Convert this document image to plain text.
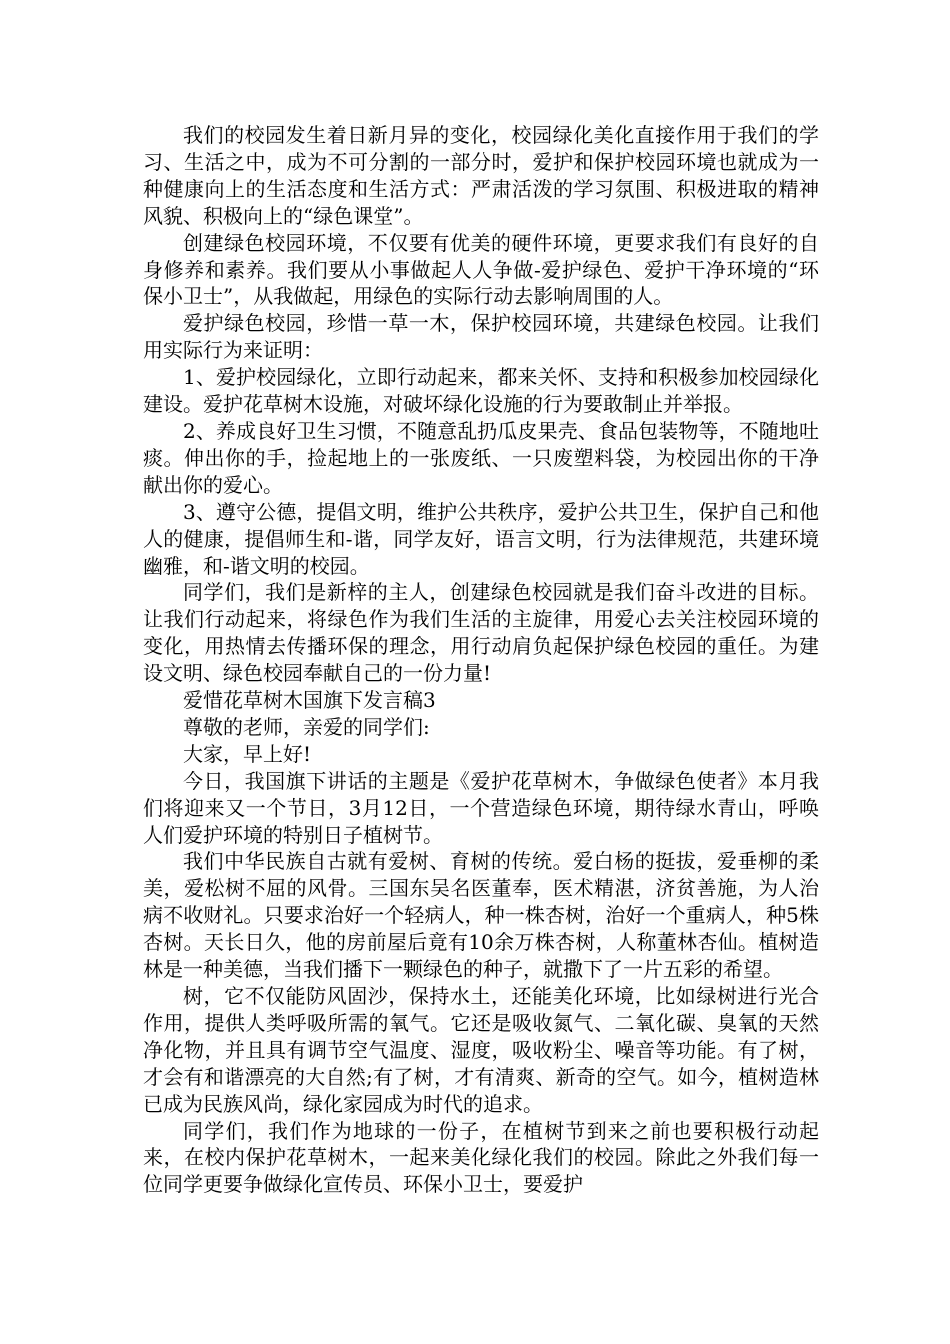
我们的校园发生着日新月异的变化，校园绿化美化直接作用于我们的学习、生活之中，成为不可分割的一部分时，爱护和保护校园环境也就成为一种健康向上的生活态度和生活方式：严肃活泼的学习氛围、积极进取的精神风貌、积极向上的“绿色课堂”。

创建绿色校园环境，不仅要有优美的硬件环境，更要求我们有良好的自身修养和素养。我们要从小事做起人人争做-爱护绿色、爱护干净环境的“环保小卫士”，从我做起，用绿色的实际行动去影响周围的人。

爱护绿色校园，珍惜一草一木，保护校园环境，共建绿色校园。让我们用实际行为来证明：

1、爱护校园绿化，立即行动起来，都来关怀、支持和积极参加校园绿化建设。爱护花草树木设施，对破坏绿化设施的行为要敢制止并举报。

2、养成良好卫生习惯，不随意乱扔瓜皮果壳、食品包装物等，不随地吐痰。伸出你的手，捡起地上的一张废纸、一只废塑料袋，为校园出你的干净献出你的爱心。

3、遵守公德，提倡文明，维护公共秩序，爱护公共卫生，保护自己和他人的健康，提倡师生和-谐，同学友好，语言文明，行为法律规范，共建环境幽雅，和-谐文明的校园。

同学们，我们是新梓的主人，创建绿色校园就是我们奋斗改进的目标。让我们行动起来，将绿色作为我们生活的主旋律，用爱心去关注校园环境的变化，用热情去传播环保的理念，用行动肩负起保护绿色校园的重任。为建设文明、绿色校园奉献自己的一份力量!

爱惜花草树木国旗下发言稿3

尊敬的老师，亲爱的同学们:

大家，早上好!

今日，我国旗下讲话的主题是《爱护花草树木，争做绿色使者》本月我们将迎来又一个节日，3月12日，一个营造绿色环境，期待绿水青山，呼唤人们爱护环境的特别日子植树节。

我们中华民族自古就有爱树、育树的传统。爱白杨的挺拔，爱垂柳的柔美，爱松树不屈的风骨。三国东吴名医董奉，医术精湛，济贫善施，为人治病不收财礼。只要求治好一个轻病人，种一株杏树，治好一个重病人，种5株杏树。天长日久，他的房前屋后竟有10余万株杏树，人称董林杏仙。植树造林是一种美德，当我们播下一颗绿色的种子，就撒下了一片五彩的希望。

树，它不仅能防风固沙，保持水土，还能美化环境，比如绿树进行光合作用，提供人类呼吸所需的氧气。它还是吸收氮气、二氧化碳、臭氧的天然净化物，并且具有调节空气温度、湿度，吸收粉尘、噪音等功能。有了树，才会有和谐漂亮的大自然;有了树，才有清爽、新奇的空气。如今，植树造林已成为民族风尚，绿化家园成为时代的追求。

同学们，我们作为地球的一份子，在植树节到来之前也要积极行动起来，在校内保护花草树木，一起来美化绿化我们的校园。除此之外我们每一位同学更要争做绿化宣传员、环保小卫士，要爱护
